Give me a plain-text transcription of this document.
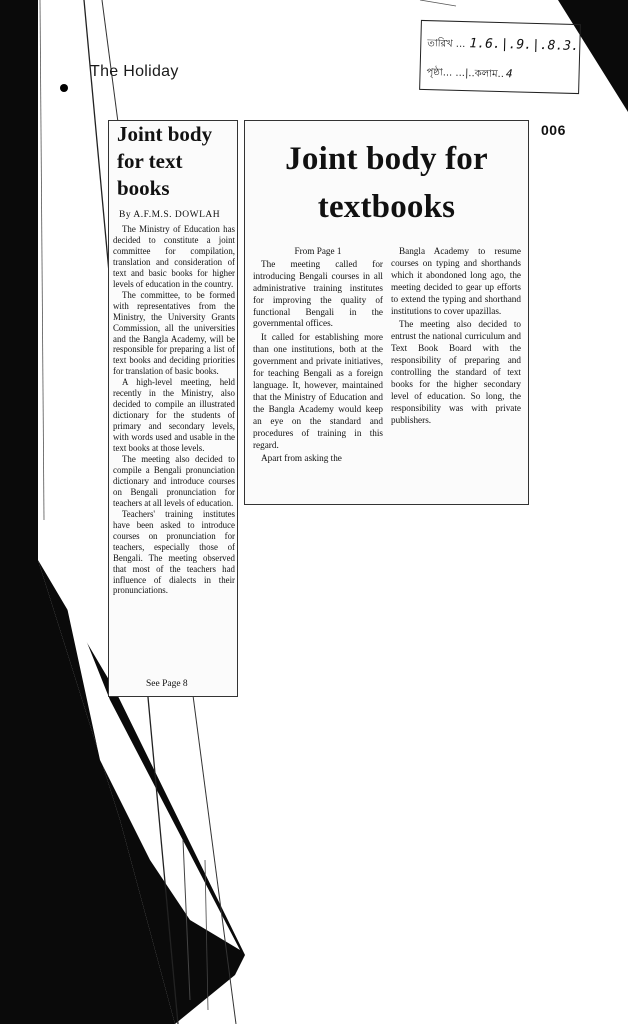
The Holiday
তারিখ ... 1.6.|.9.|.8.3.
পৃষ্ঠা... ...|..কলাম.. 4
006
Joint body for text books
By A.F.M.S. DOWLAH

The Ministry of Education has decided to constitute a joint committee for compilation, translation and consideration of text and basic books for higher levels of education in the country.

The committee, to be formed with representatives from the Ministry, the University Grants Commission, all the universities and the Bangla Academy, will be responsible for preparing a list of text books and deciding priorities for translation of basic books.

A high-level meeting, held recently in the Ministry, also decided to compile an illustrated dictionary for the students of primary and secondary levels, with words used and usable in the text books at those levels.

The meeting also decided to compile a Bengali pronunciation dictionary and introduce courses on Bengali pronunciation for teachers at all levels of education.

Teachers' training institutes have been asked to introduce courses on pronunciation for teachers, especially those of Bengali. The meeting observed that most of the teachers had influence of dialects in their pronunciations.

See Page 8
Joint body for textbooks
From Page 1

The meeting called for introducing Bengali courses in all administrative training institutes for improving the quality of functional Bengali in the governmental offices.

It called for establishing more than one institutions, both at the government and private initiatives, for teaching Bengali as a foreign language. It, however, maintained that the Ministry of Education and the Bangla Academy would keep an eye on the standard and procedures of training in this regard.

Apart from asking the

Bangla Academy to resume courses on typing and shorthands which it abondoned long ago, the meeting decided to gear up efforts to extend the typing and shorthand institutions to cover upazillas.

The meeting also decided to entrust the national curriculum and Text Book Board with the responsibility of preparing and controlling the standard of text books for the higher secondary level of education. So long, the responsibility was with private publishers.
